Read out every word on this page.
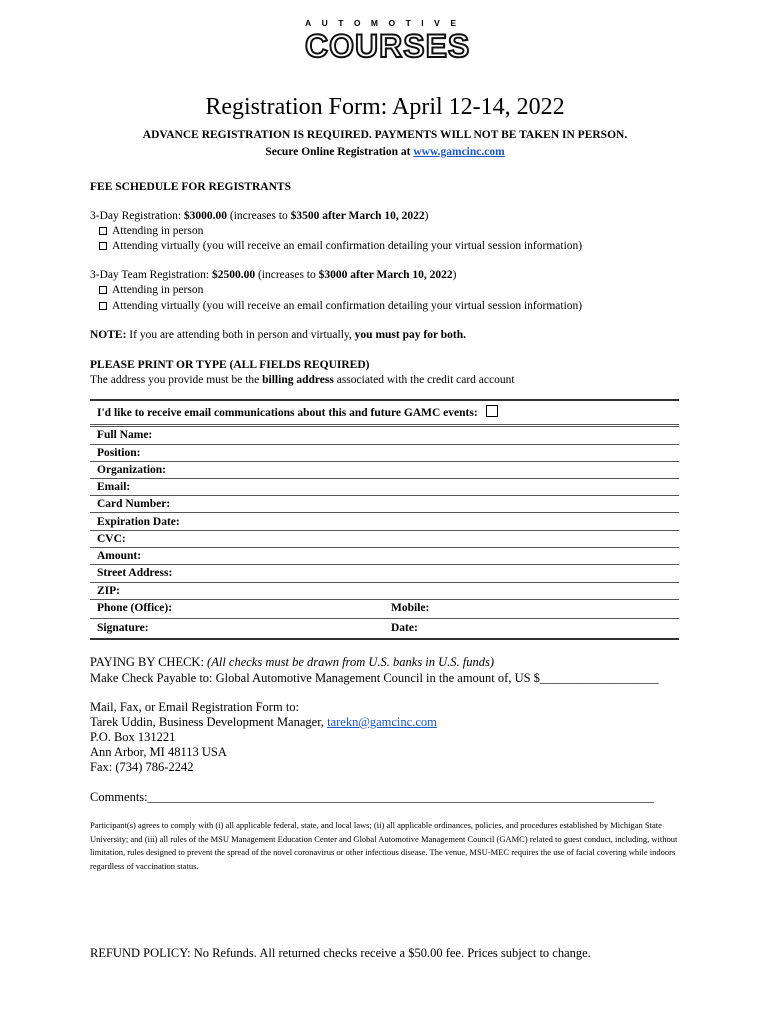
AUTOMOTIVE
COURSES
Registration Form: April 12-14, 2022
ADVANCE REGISTRATION IS REQUIRED. PAYMENTS WILL NOT BE TAKEN IN PERSON.
Secure Online Registration at www.gamcinc.com
FEE SCHEDULE FOR REGISTRANTS
3-Day Registration: $3000.00 (increases to $3500 after March 10, 2022)
Attending in person
Attending virtually (you will receive an email confirmation detailing your virtual session information)
3-Day Team Registration: $2500.00 (increases to $3000 after March 10, 2022)
Attending in person
Attending virtually (you will receive an email confirmation detailing your virtual session information)
NOTE: If you are attending both in person and virtually, you must pay for both.
PLEASE PRINT OR TYPE (ALL FIELDS REQUIRED)
The address you provide must be the billing address associated with the credit card account
I'd like to receive email communications about this and future GAMC events:
Full Name:
Position:
Organization:
Email:
Card Number:
Expiration Date:
CVC:
Amount:
Street Address:
ZIP:
Phone (Office):	Mobile:
Signature:	Date:
PAYING BY CHECK: (All checks must be drawn from U.S. banks in U.S. funds)
Make Check Payable to: Global Automotive Management Council in the amount of, US $___________________
Mail, Fax, or Email Registration Form to:
Tarek Uddin, Business Development Manager, tarekn@gamcinc.com
P.O. Box 131221
Ann Arbor, MI 48113 USA
Fax: (734) 786-2242
Comments:_________________________________________________________________________________
Participant(s) agrees to comply with (i) all applicable federal, state, and local laws; (ii) all applicable ordinances, policies, and procedures established by Michigan State University; and (iii) all rules of the MSU Management Education Center and Global Automotive Management Council (GAMC) related to guest conduct, including, without limitation, rules designed to prevent the spread of the novel coronavirus or other infectious disease. The venue, MSU-MEC requires the use of facial covering while indoors regardless of vaccination status.
REFUND POLICY: No Refunds. All returned checks receive a $50.00 fee. Prices subject to change.
